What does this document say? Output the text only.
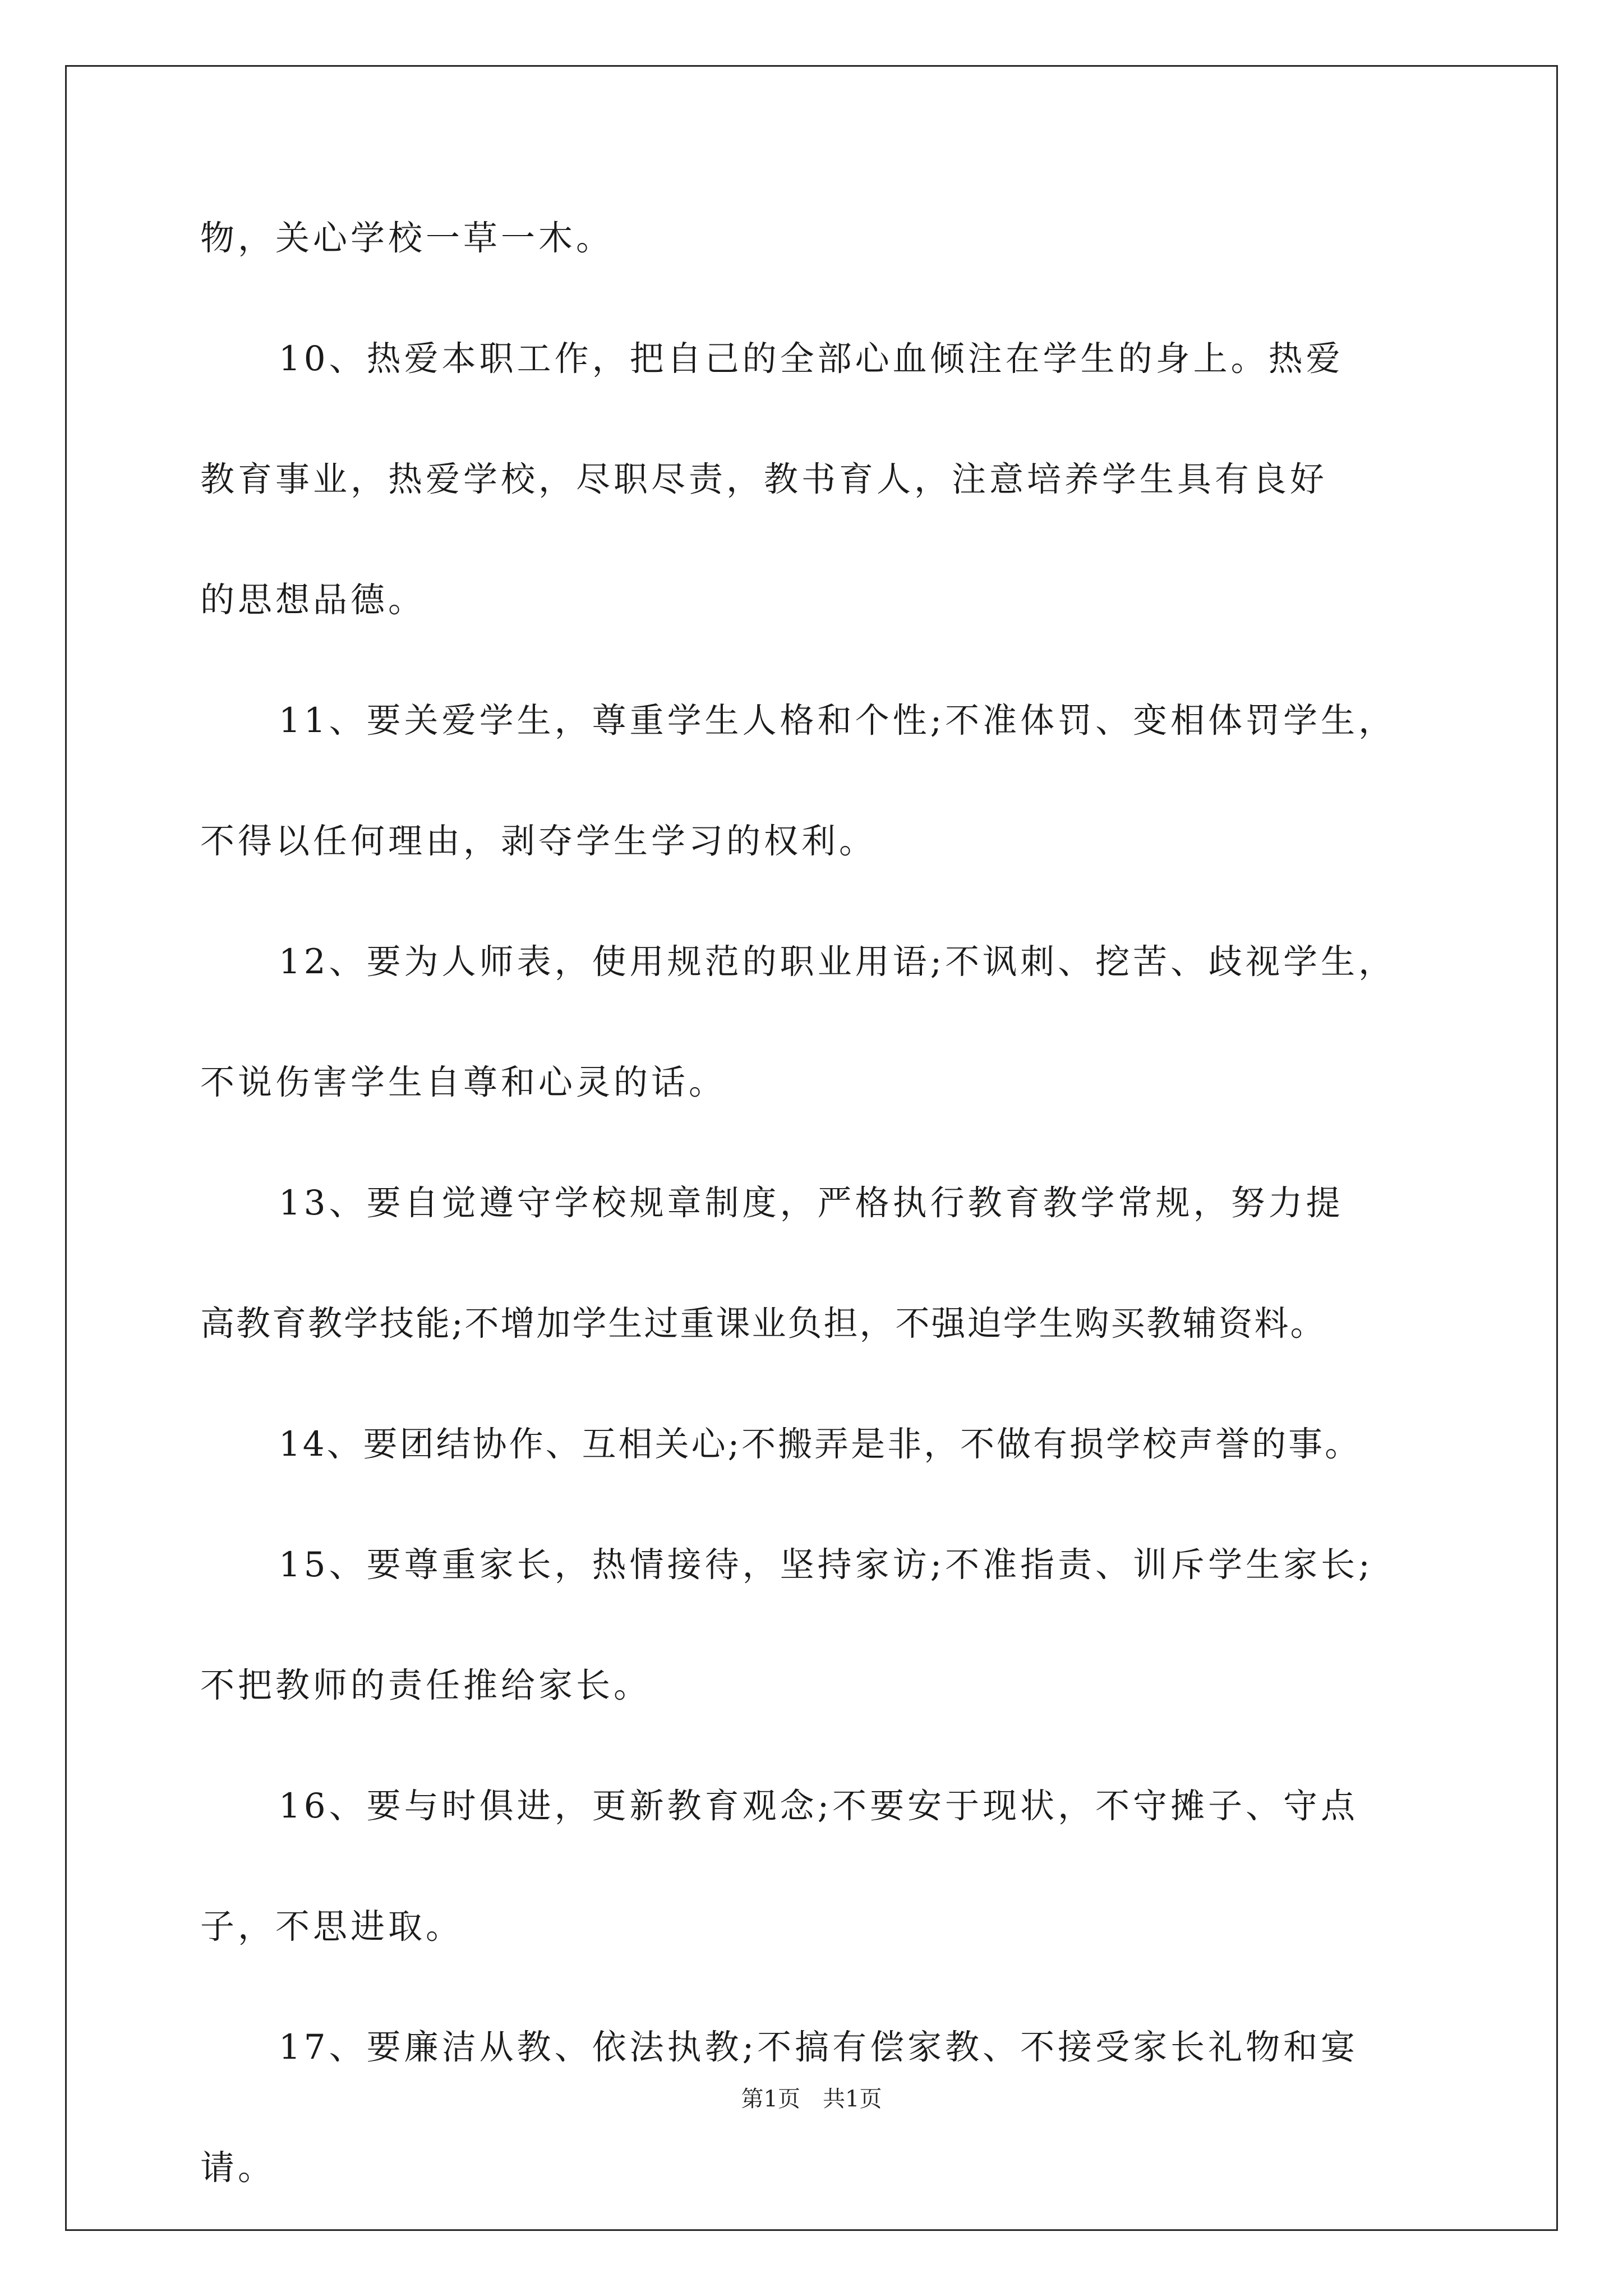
物，关心学校一草一木。
10、热爱本职工作，把自己的全部心血倾注在学生的身上。热爱
教育事业，热爱学校，尽职尽责，教书育人，注意培养学生具有良好
的思想品德。
11、要关爱学生，尊重学生人格和个性;不准体罚、变相体罚学生，
不得以任何理由，剥夺学生学习的权利。
12、要为人师表，使用规范的职业用语;不讽刺、挖苦、歧视学生，
不说伤害学生自尊和心灵的话。
13、要自觉遵守学校规章制度，严格执行教育教学常规，努力提
高教育教学技能;不增加学生过重课业负担，不强迫学生购买教辅资料。
14、要团结协作、互相关心;不搬弄是非，不做有损学校声誉的事。
15、要尊重家长，热情接待，坚持家访;不准指责、训斥学生家长;
不把教师的责任推给家长。
16、要与时俱进，更新教育观念;不要安于现状，不守摊子、守点
子，不思进取。
17、要廉洁从教、依法执教;不搞有偿家教、不接受家长礼物和宴
请。
第1页 共1页
